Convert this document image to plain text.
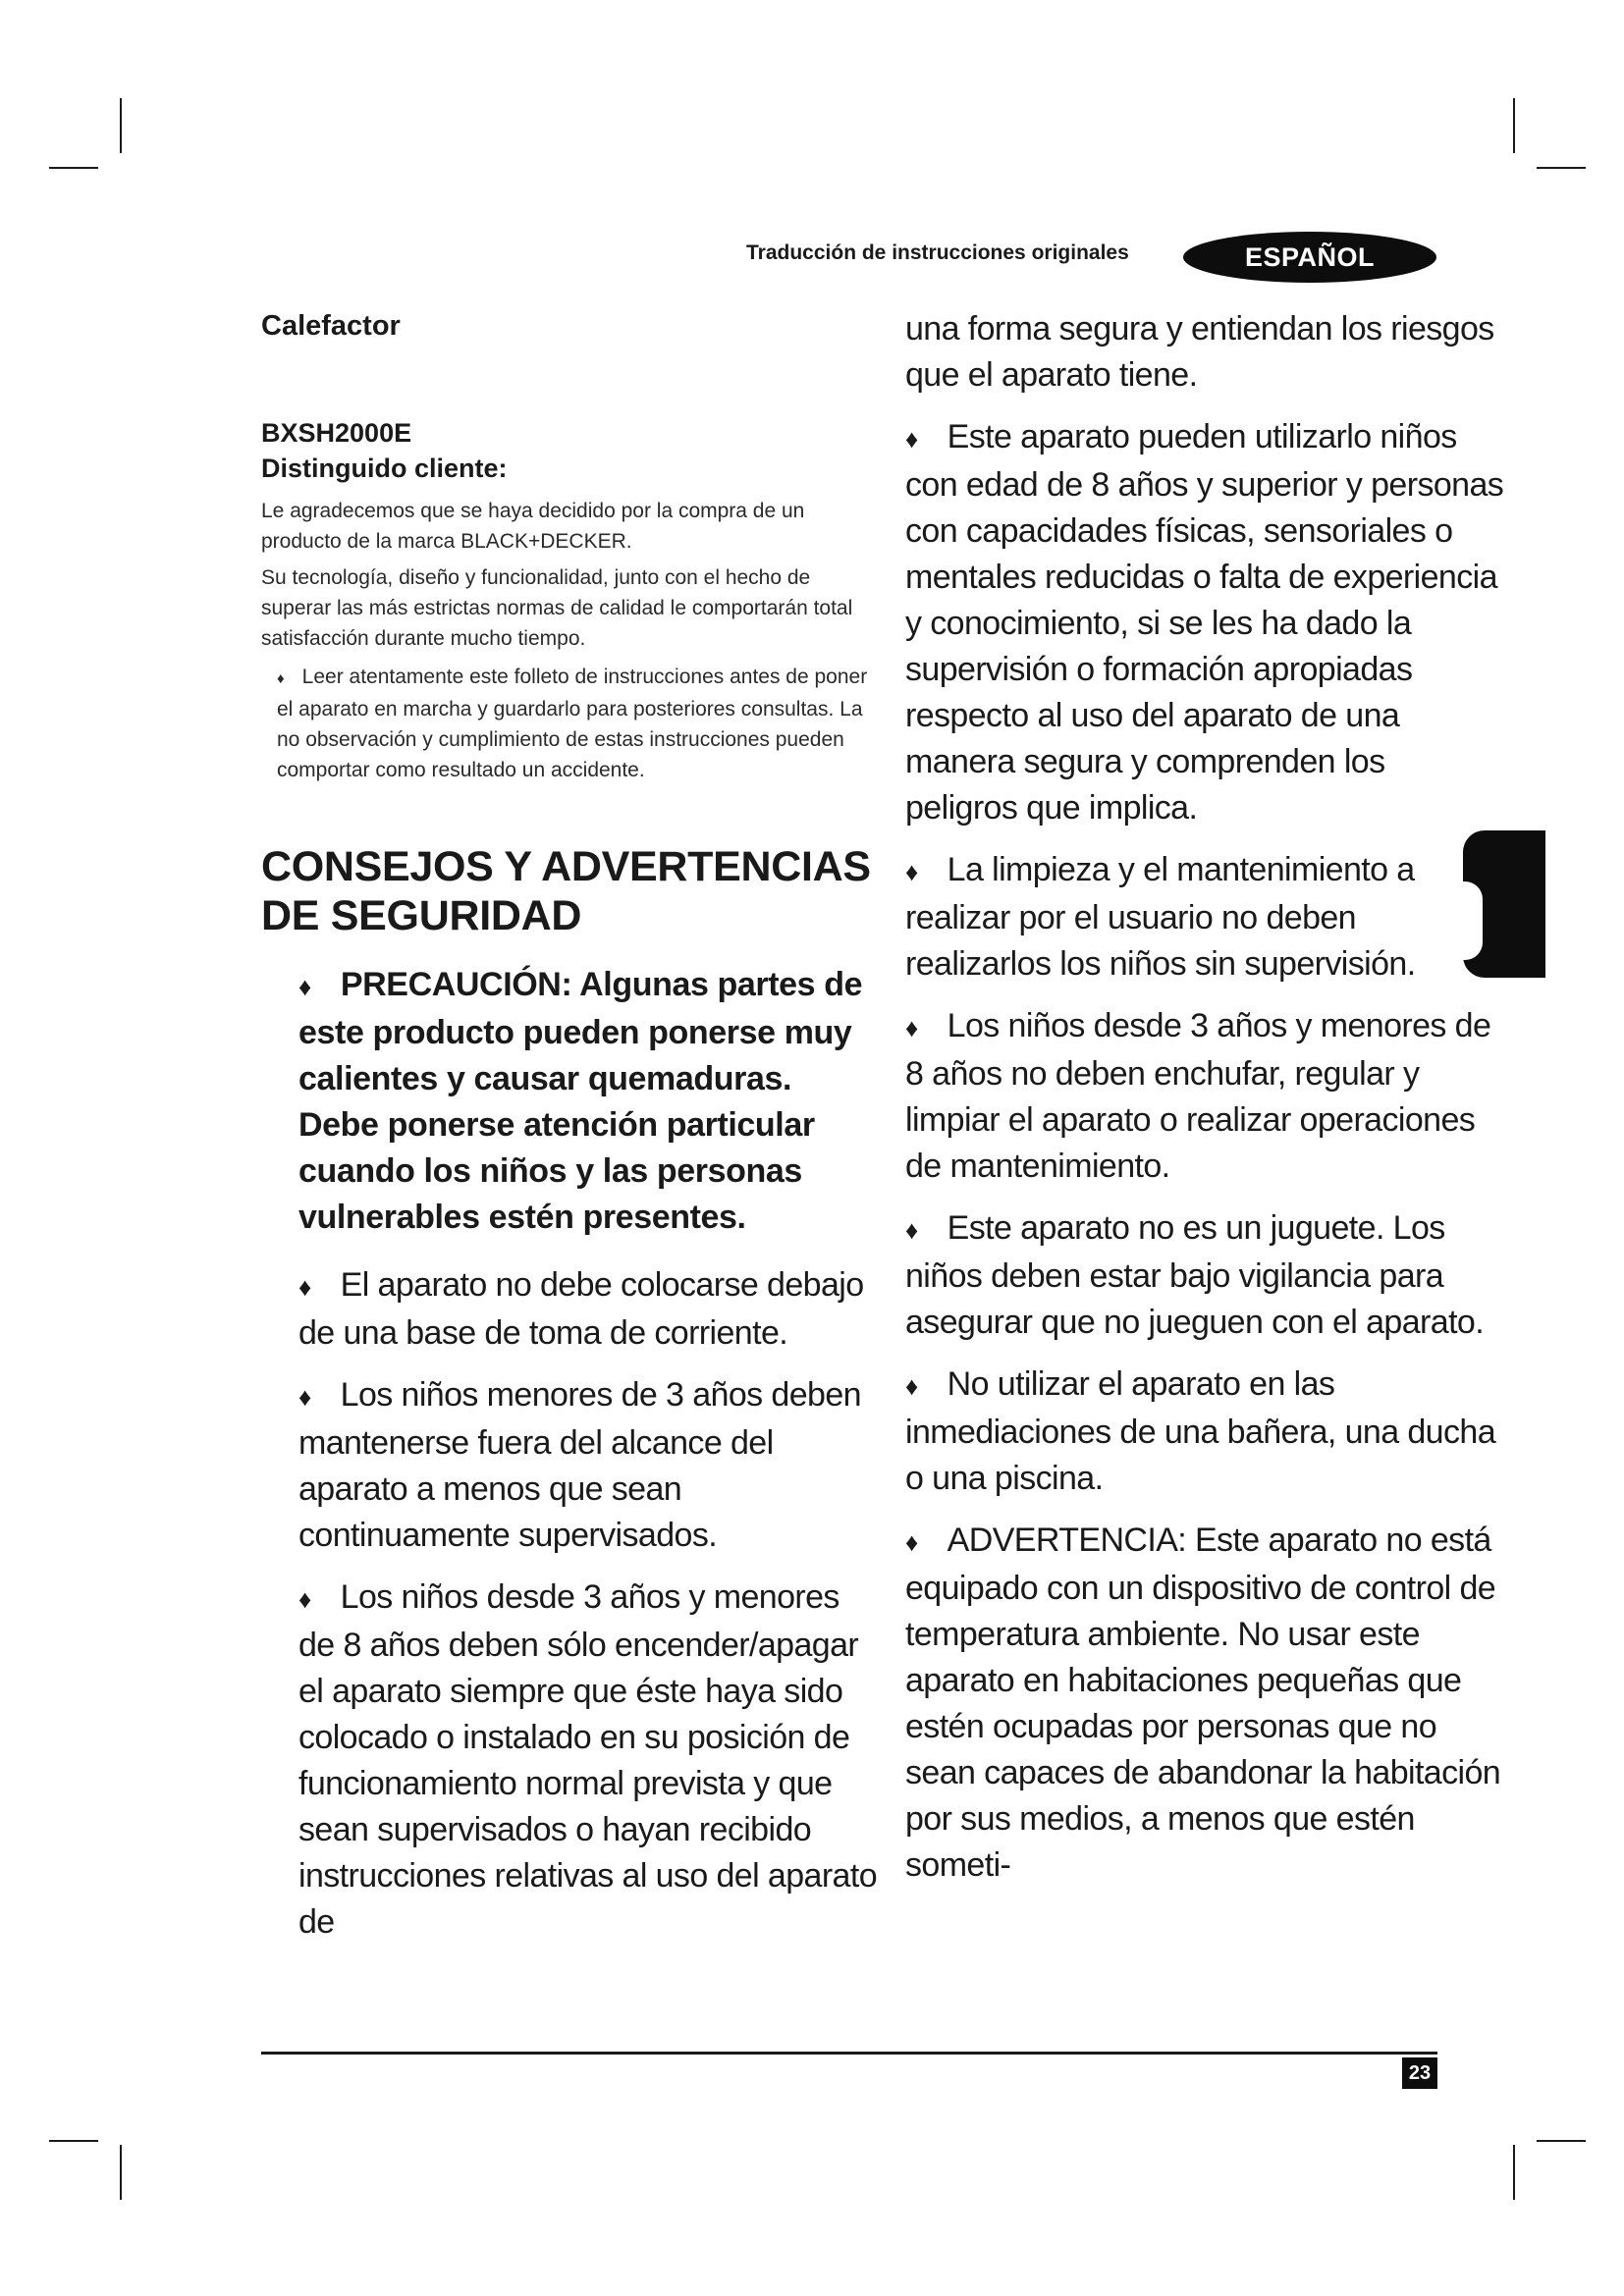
Traducción de instrucciones originales	ESPAÑOL
Calefactor
BXSH2000E
Distinguido cliente:

Le agradecemos que se haya decidido por la compra de un producto de la marca BLACK+DECKER.

Su tecnología, diseño y funcionalidad, junto con el hecho de superar las más estrictas normas de calidad le comportarán total satisfacción durante mucho tiempo.

♦ Leer atentamente este folleto de instrucciones antes de poner el aparato en marcha y guardarlo para posteriores consultas. La no observación y cumplimiento de estas instrucciones pueden comportar como resultado un accidente.
CONSEJOS Y ADVERTENCIAS DE SEGURIDAD
♦ PRECAUCIÓN: Algunas partes de este producto pueden ponerse muy calientes y causar quemaduras. Debe ponerse atención particular cuando los niños y las personas vulnerables estén presentes.
♦ El aparato no debe colocarse debajo de una base de toma de corriente.
♦ Los niños menores de 3 años deben mantenerse fuera del alcance del aparato a menos que sean continuamente supervisados.
♦ Los niños desde 3 años y menores de 8 años deben sólo encender/apagar el aparato siempre que éste haya sido colocado o instalado en su posición de funcionamiento normal prevista y que sean supervisados o hayan recibido instrucciones relativas al uso del aparato de
una forma segura y entiendan los riesgos que el aparato tiene.
♦ Este aparato pueden utilizarlo niños con edad de 8 años y superior y personas con capacidades físicas, sensoriales o mentales reducidas o falta de experiencia y conocimiento, si se les ha dado la supervisión o formación apropiadas respecto al uso del aparato de una manera segura y comprenden los peligros que implica.
♦ La limpieza y el mantenimiento a realizar por el usuario no deben realizarlos los niños sin supervisión.
♦ Los niños desde 3 años y menores de 8 años no deben enchufar, regular y limpiar el aparato o realizar operaciones de mantenimiento.
♦ Este aparato no es un juguete. Los niños deben estar bajo vigilancia para asegurar que no jueguen con el aparato.
♦ No utilizar el aparato en las inmediaciones de una bañera, una ducha o una piscina.
♦ ADVERTENCIA: Este aparato no está equipado con un dispositivo de control de temperatura ambiente. No usar este aparato en habitaciones pequeñas que estén ocupadas por personas que no sean capaces de abandonar la habitación por sus medios, a menos que estén someti-
23
